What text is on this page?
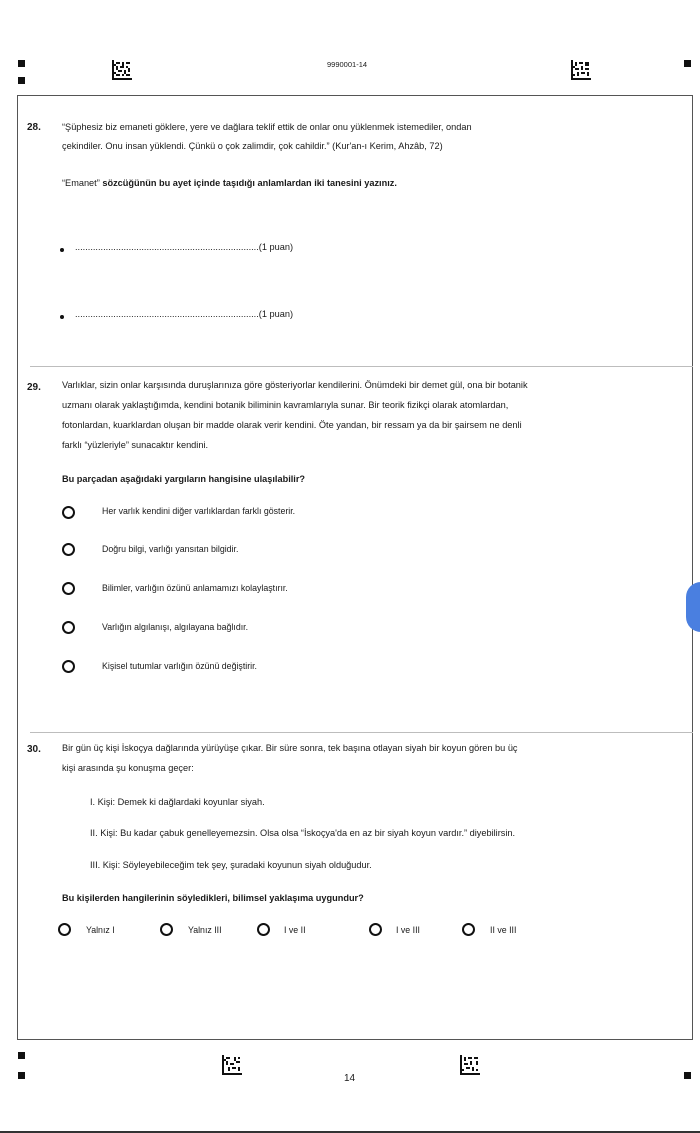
9990001-14
28. “Şüphesiz biz emaneti göklere, yere ve dağlara teklif ettik de onlar onu yüklenmek istemediler, ondan
çekindiler. Onu insan yüklendi. Çünkü o çok zalimdir, çok cahildir.” (Kur'an-ı Kerim, Ahzâb, 72)
“Emanet” sözcüğünün bu ayet içinde taşıdığı anlamlardan iki tanesini yazınız.
........................................................................(1 puan)
........................................................................(1 puan)
29. Varlıklar, sizin onlar karşısında duruşlarınıza göre gösteriyorlar kendilerini. Önümdeki bir demet gül, ona bir botanik
uzmanı olarak yaklaştığımda, kendini botanik biliminin kavramlarıyla sunar. Bir teorik fizikçi olarak atomlardan,
fotonlardan, kuarklardan oluşan bir madde olarak verir kendini. Öte yandan, bir ressam ya da bir şairsem ne denli
farklı “yüzleriyle” sunacaktır kendini.
Bu parçadan aşağıdaki yargıların hangisine ulaşılabilir?
Her varlık kendini diğer varlıklardan farklı gösterir.
Doğru bilgi, varlığı yansıtan bilgidir.
Bilimler, varlığın özünü anlamamızı kolaylaştırır.
Varlığın algılanışı, algılayana bağlıdır.
Kişisel tutumlar varlığın özünü değiştirir.
30. Bir gün üç kişi İskoçya dağlarında yürüyüşe çıkar. Bir süre sonra, tek başına otlayan siyah bir koyun gören bu üç
kişi arasında şu konuşma geçer:
I. Kişi: Demek ki dağlardaki koyunlar siyah.
II. Kişi: Bu kadar çabuk genelleyemezsin. Olsa olsa “İskoçya'da en az bir siyah koyun vardır.” diyebilirsin.
III. Kişi: Söyleyebileceğim tek şey, şuradaki koyunun siyah olduğudur.
Bu kişilerden hangilerinin söyledikleri, bilimsel yaklaşıma uygundur?
Yalnız I	Yalnız III	I ve II	I ve III	II ve III
14
